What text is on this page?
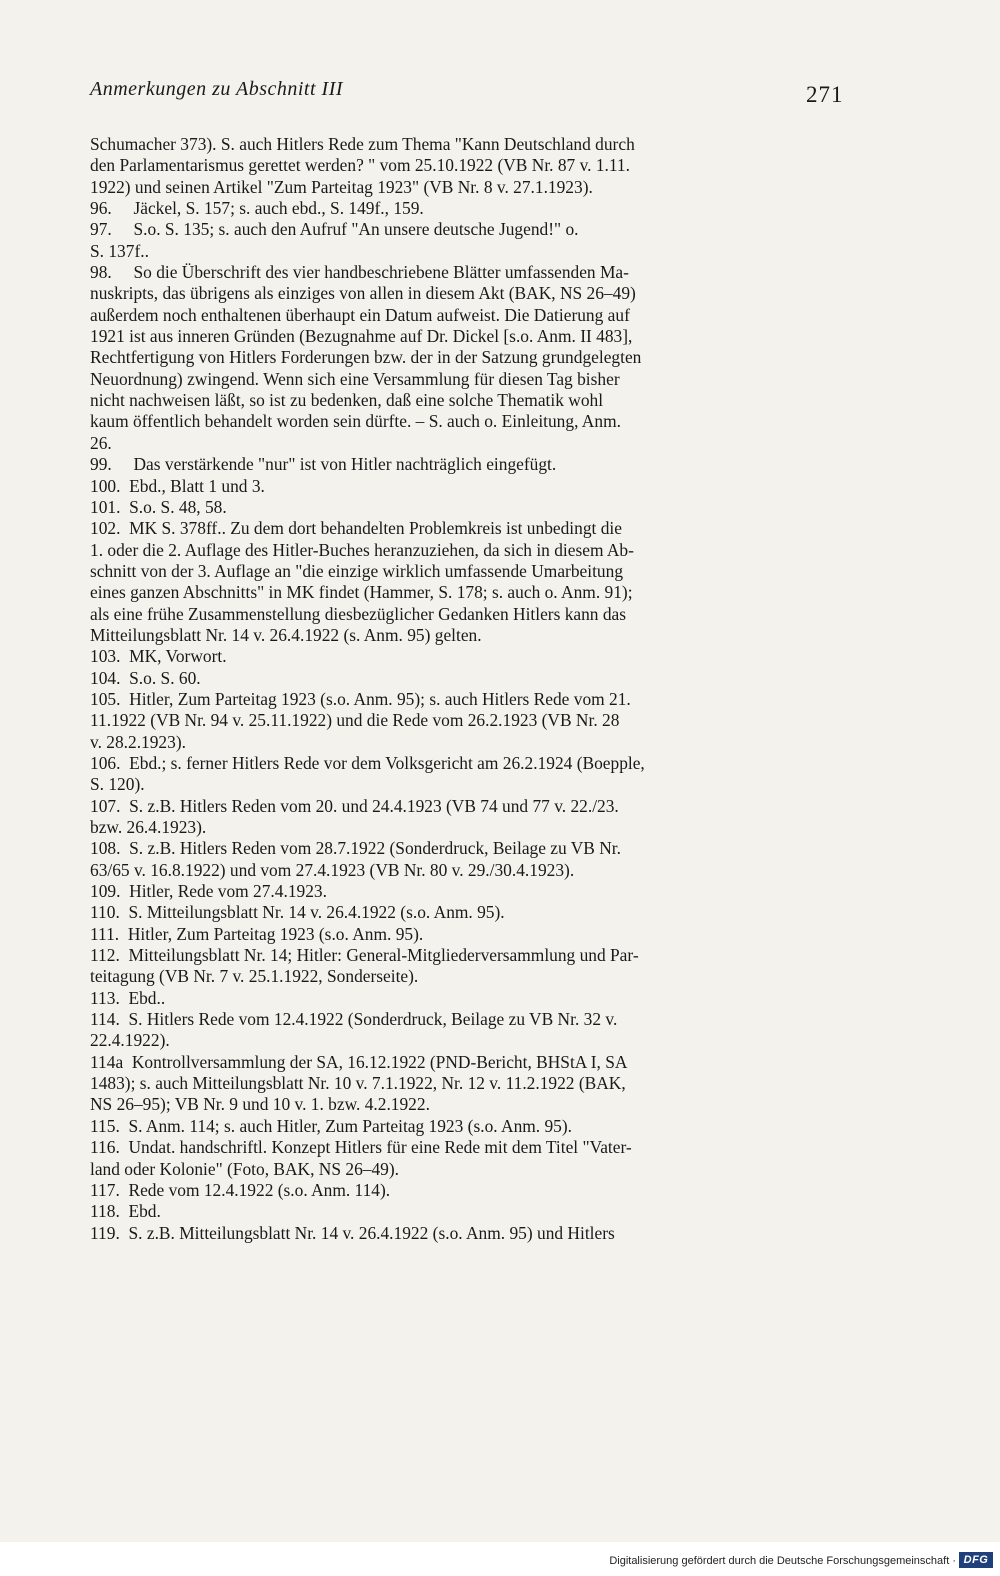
Anmerkungen zu Abschnitt III	271
Schumacher 373). S. auch Hitlers Rede zum Thema "Kann Deutschland durch
den Parlamentarismus gerettet werden? " vom 25.10.1922 (VB Nr. 87 v. 1.11.
1922) und seinen Artikel "Zum Parteitag 1923" (VB Nr. 8 v. 27.1.1923).
96.     Jäckel, S. 157; s. auch ebd., S. 149f., 159.
97.     S.o. S. 135; s. auch den Aufruf "An unsere deutsche Jugend!" o.
S. 137f..
98.     So die Überschrift des vier handbeschriebene Blätter umfassenden Ma-
nuskripts, das übrigens als einziges von allen in diesem Akt (BAK, NS 26–49)
außerdem noch enthaltenen überhaupt ein Datum aufweist. Die Datierung auf
1921 ist aus inneren Gründen (Bezugnahme auf Dr. Dickel [s.o. Anm. II 483],
Rechtfertigung von Hitlers Forderungen bzw. der in der Satzung grundgelegten
Neuordnung) zwingend. Wenn sich eine Versammlung für diesen Tag bisher
nicht nachweisen läßt, so ist zu bedenken, daß eine solche Thematik wohl
kaum öffentlich behandelt worden sein dürfte. – S. auch o. Einleitung, Anm.
26.
99.     Das verstärkende "nur" ist von Hitler nachträglich eingefügt.
100.  Ebd., Blatt 1 und 3.
101.  S.o. S. 48, 58.
102.  MK S. 378ff.. Zu dem dort behandelten Problemkreis ist unbedingt die
1. oder die 2. Auflage des Hitler-Buches heranzuziehen, da sich in diesem Ab-
schnitt von der 3. Auflage an "die einzige wirklich umfassende Umarbeitung
eines ganzen Abschnitts" in MK findet (Hammer, S. 178; s. auch o. Anm. 91);
als eine frühe Zusammenstellung diesbezüglicher Gedanken Hitlers kann das
Mitteilungsblatt Nr. 14 v. 26.4.1922 (s. Anm. 95) gelten.
103.  MK, Vorwort.
104.  S.o. S. 60.
105.  Hitler, Zum Parteitag 1923 (s.o. Anm. 95); s. auch Hitlers Rede vom 21.
11.1922 (VB Nr. 94 v. 25.11.1922) und die Rede vom 26.2.1923 (VB Nr. 28
v. 28.2.1923).
106.  Ebd.; s. ferner Hitlers Rede vor dem Volksgericht am 26.2.1924 (Boepple,
S. 120).
107.  S. z.B. Hitlers Reden vom 20. und 24.4.1923 (VB 74 und 77 v. 22./23.
bzw. 26.4.1923).
108.  S. z.B. Hitlers Reden vom 28.7.1922 (Sonderdruck, Beilage zu VB Nr.
63/65 v. 16.8.1922) und vom 27.4.1923 (VB Nr. 80 v. 29./30.4.1923).
109.  Hitler, Rede vom 27.4.1923.
110.  S. Mitteilungsblatt Nr. 14 v. 26.4.1922 (s.o. Anm. 95).
111.  Hitler, Zum Parteitag 1923 (s.o. Anm. 95).
112.  Mitteilungsblatt Nr. 14; Hitler: General-Mitgliederversammlung und Par-
teitagung (VB Nr. 7 v. 25.1.1922, Sonderseite).
113.  Ebd..
114.  S. Hitlers Rede vom 12.4.1922 (Sonderdruck, Beilage zu VB Nr. 32 v.
22.4.1922).
114a  Kontrollversammlung der SA, 16.12.1922 (PND-Bericht, BHStA I, SA
1483); s. auch Mitteilungsblatt Nr. 10 v. 7.1.1922, Nr. 12 v. 11.2.1922 (BAK,
NS 26–95); VB Nr. 9 und 10 v. 1. bzw. 4.2.1922.
115.  S. Anm. 114; s. auch Hitler, Zum Parteitag 1923 (s.o. Anm. 95).
116.  Undat. handschriftl. Konzept Hitlers für eine Rede mit dem Titel "Vater-
land oder Kolonie" (Foto, BAK, NS 26–49).
117.  Rede vom 12.4.1922 (s.o. Anm. 114).
118.  Ebd.
119.  S. z.B. Mitteilungsblatt Nr. 14 v. 26.4.1922 (s.o. Anm. 95) und Hitlers
Digitalisierung gefördert durch die Deutsche Forschungsgemeinschaft · DFG
